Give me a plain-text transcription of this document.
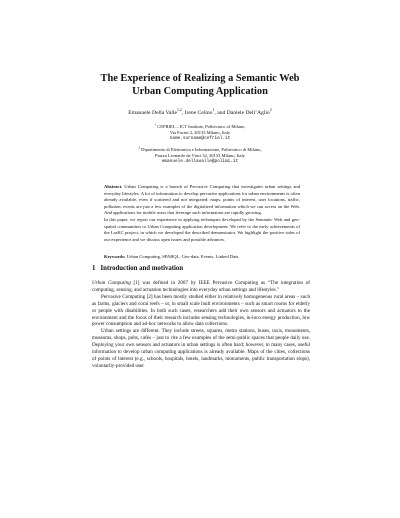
The Experience of Realizing a Semantic Web
Urban Computing Application
Emanuele Della Valle$^{1,2}$, Irene Celino$^1$, and Daniele Dell’Aglio$^2$
$^1$ CEFRIEL – ICT Institute, Politecnico of Milano,
Via Fucini 2, 20133 Milano, Italy
name.surname@cefriel.it
$^2$ Dipartimento di Elettronica e Informazione, Politecnico di Milano,
Piazza Leonardo da Vinci 32, 20133 Milano, Italy
emanuele.dellavalle@polimi.it

Abstract. Urban Computing is a branch of Pervasive Computing that investigates urban settings and everyday lifestyles. A lot of information to develop pervasive applications for urban environments is often already available, even if scattered and not integrated: maps, points of interest, user locations, traffic, pollution, events are just a few examples of the digitalized information which we can access on the Web. And applications for mobile users that leverage such information are rapidly growing.

In this paper, we report our experience in applying techniques developed by the Semantic Web and geo-spatial communities to Urban Computing application development. We refer to the early achievements of the LarKC project, in which we developed the described demonstrator. We highlight the positive sides of our experience and we discuss open issues and possible advances.

Keywords: Urban Computing, SPARQL, Geo-data, Events, Linked Data
1 Introduction and motivation

Urban Computing [1] was defined in 2007 by IEEE Pervasive Computing as “The integration of computing, sensing, and actuation technologies into everyday urban settings and lifestyles.”

Pervasive Computing [2] has been mostly studied either in relatively homogeneous rural areas – such as farms, glaciers and coral reefs – or, in small scale built environments – such as smart rooms for elderly or people with disabilities. In both such cases, researchers add their own sensors and actuators to the environment and the focus of their research includes sensing technologies, in-loco energy production, low power consumption and ad-hoc networks to allow data collections.

Urban settings are different. They include streets, squares, metro stations, buses, taxis, monuments, museums, shops, pubs, cafés – just to cite a few examples of the semi-public spaces that people daily use. Deploying your own sensors and actuators in urban settings is often hard; however, in many cases, useful information to develop urban computing applications is already available. Maps of the cities, collections of points of interest (e.g., schools, hospitals, hotels, landmarks, monuments, public transportation stops), voluntarily-provided user
